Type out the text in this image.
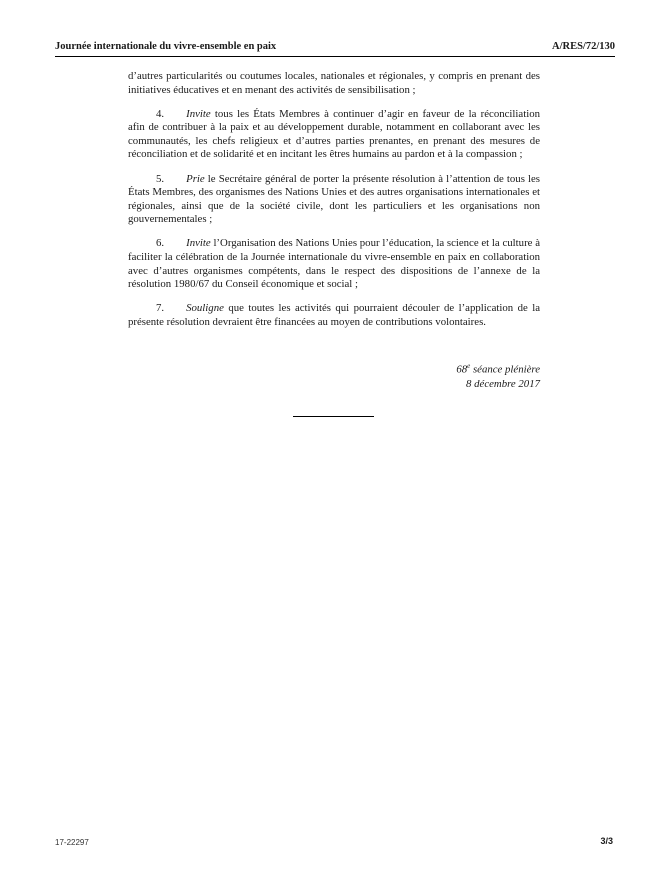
Journée internationale du vivre-ensemble en paix	A/RES/72/130

d’autres particularités ou coutumes locales, nationales et régionales, y compris en prenant des initiatives éducatives et en menant des activités de sensibilisation ;

4. Invite tous les États Membres à continuer d’agir en faveur de la réconciliation afin de contribuer à la paix et au développement durable, notamment en collaborant avec les communautés, les chefs religieux et d’autres parties prenantes, en prenant des mesures de réconciliation et de solidarité et en incitant les êtres humains au pardon et à la compassion ;

5. Prie le Secrétaire général de porter la présente résolution à l’attention de tous les États Membres, des organismes des Nations Unies et des autres organisations internationales et régionales, ainsi que de la société civile, dont les particuliers et les organisations non gouvernementales ;

6. Invite l’Organisation des Nations Unies pour l’éducation, la science et la culture à faciliter la célébration de la Journée internationale du vivre-ensemble en paix en collaboration avec d’autres organismes compétents, dans le respect des dispositions de l’annexe de la résolution 1980/67 du Conseil économique et social ;

7. Souligne que toutes les activités qui pourraient découler de l’application de la présente résolution devraient être financées au moyen de contributions volontaires.

68e séance plénière
8 décembre 2017
17-22297	3/3
